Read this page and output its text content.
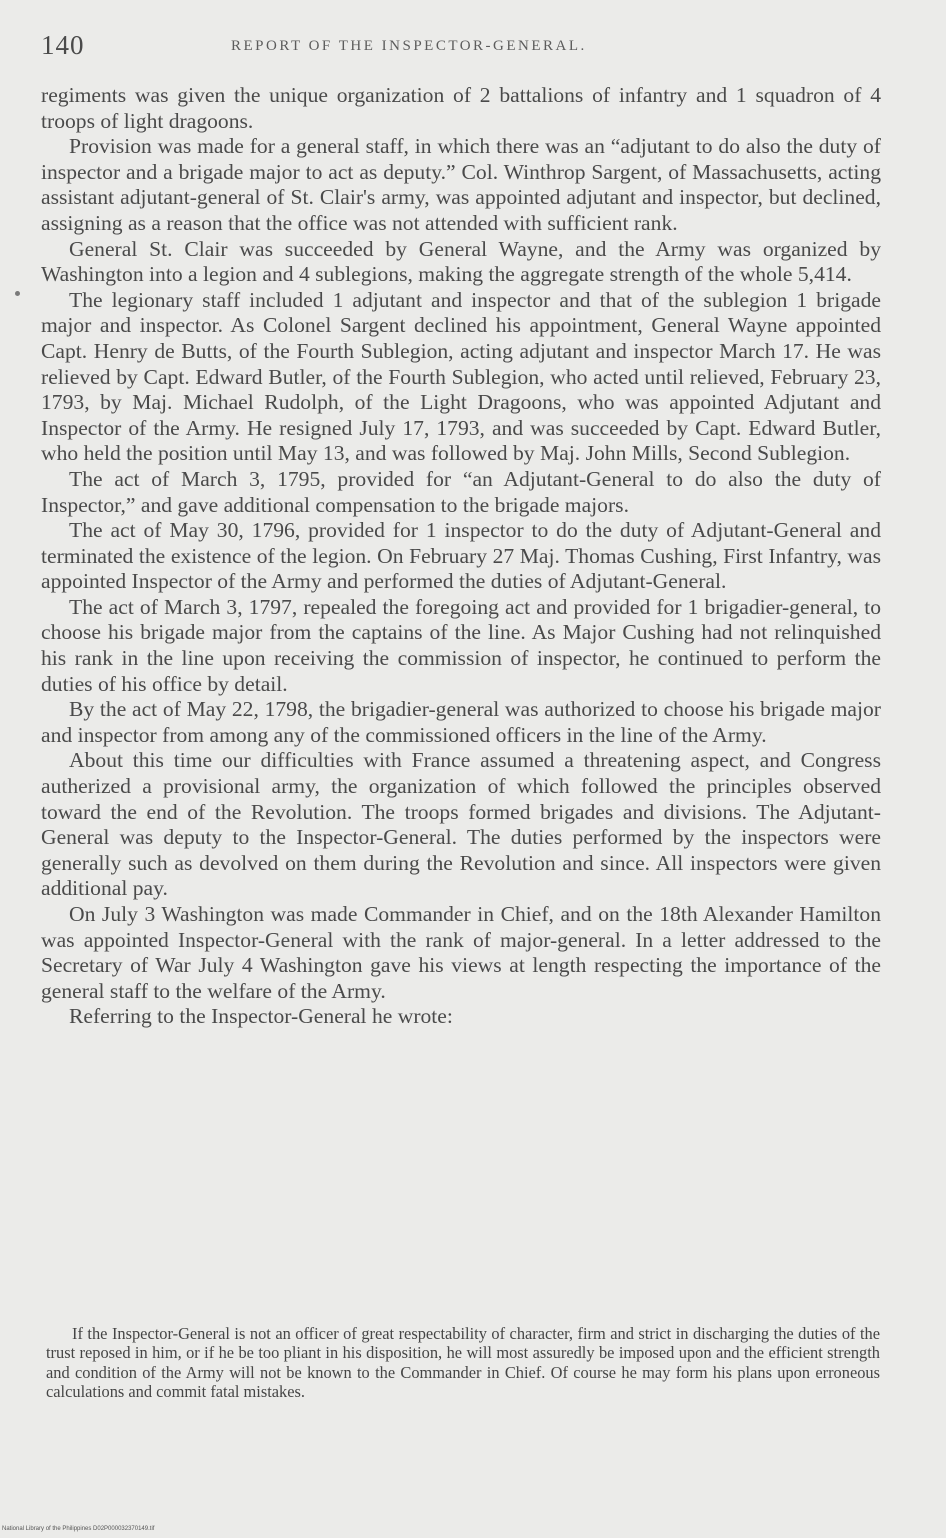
140	REPORT OF THE INSPECTOR-GENERAL.

regiments was given the unique organization of 2 battalions of infantry and 1 squadron of 4 troops of light dragoons.

Provision was made for a general staff, in which there was an “adjutant to do also the duty of inspector and a brigade major to act as deputy.” Col. Winthrop Sargent, of Massachusetts, acting assistant adjutant-general of St. Clair's army, was appointed adjutant and inspector, but declined, assigning as a reason that the office was not attended with sufficient rank.

General St. Clair was succeeded by General Wayne, and the Army was organized by Washington into a legion and 4 sublegions, making the aggregate strength of the whole 5,414.

The legionary staff included 1 adjutant and inspector and that of the sublegion 1 brigade major and inspector. As Colonel Sargent declined his appointment, General Wayne appointed Capt. Henry de Butts, of the Fourth Sublegion, acting adjutant and inspector March 17. He was relieved by Capt. Edward Butler, of the Fourth Sublegion, who acted until relieved, February 23, 1793, by Maj. Michael Rudolph, of the Light Dragoons, who was appointed Adjutant and Inspector of the Army. He resigned July 17, 1793, and was succeeded by Capt. Edward Butler, who held the position until May 13, and was followed by Maj. John Mills, Second Sublegion.

The act of March 3, 1795, provided for “an Adjutant-General to do also the duty of Inspector,” and gave additional compensation to the brigade majors.

The act of May 30, 1796, provided for 1 inspector to do the duty of Adjutant-General and terminated the existence of the legion. On February 27 Maj. Thomas Cushing, First Infantry, was appointed Inspector of the Army and performed the duties of Adjutant-General.

The act of March 3, 1797, repealed the foregoing act and provided for 1 brigadier-general, to choose his brigade major from the captains of the line. As Major Cushing had not relinquished his rank in the line upon receiving the commission of inspector, he continued to perform the duties of his office by detail.

By the act of May 22, 1798, the brigadier-general was authorized to choose his brigade major and inspector from among any of the commissioned officers in the line of the Army.

About this time our difficulties with France assumed a threatening aspect, and Congress autherized a provisional army, the organization of which followed the principles observed toward the end of the Revolution. The troops formed brigades and divisions. The Adjutant-General was deputy to the Inspector-General. The duties performed by the inspectors were generally such as devolved on them during the Revolution and since. All inspectors were given additional pay.

On July 3 Washington was made Commander in Chief, and on the 18th Alexander Hamilton was appointed Inspector-General with the rank of major-general. In a letter addressed to the Secretary of War July 4 Washington gave his views at length respecting the importance of the general staff to the welfare of the Army.

Referring to the Inspector-General he wrote:

If the Inspector-General is not an officer of great respectability of character, firm and strict in discharging the duties of the trust reposed in him, or if he be too pliant in his disposition, he will most assuredly be imposed upon and the efficient strength and condition of the Army will not be known to the Commander in Chief. Of course he may form his plans upon erroneous calculations and commit fatal mistakes.

National Library of the Philippines D02P000032370149.tif
